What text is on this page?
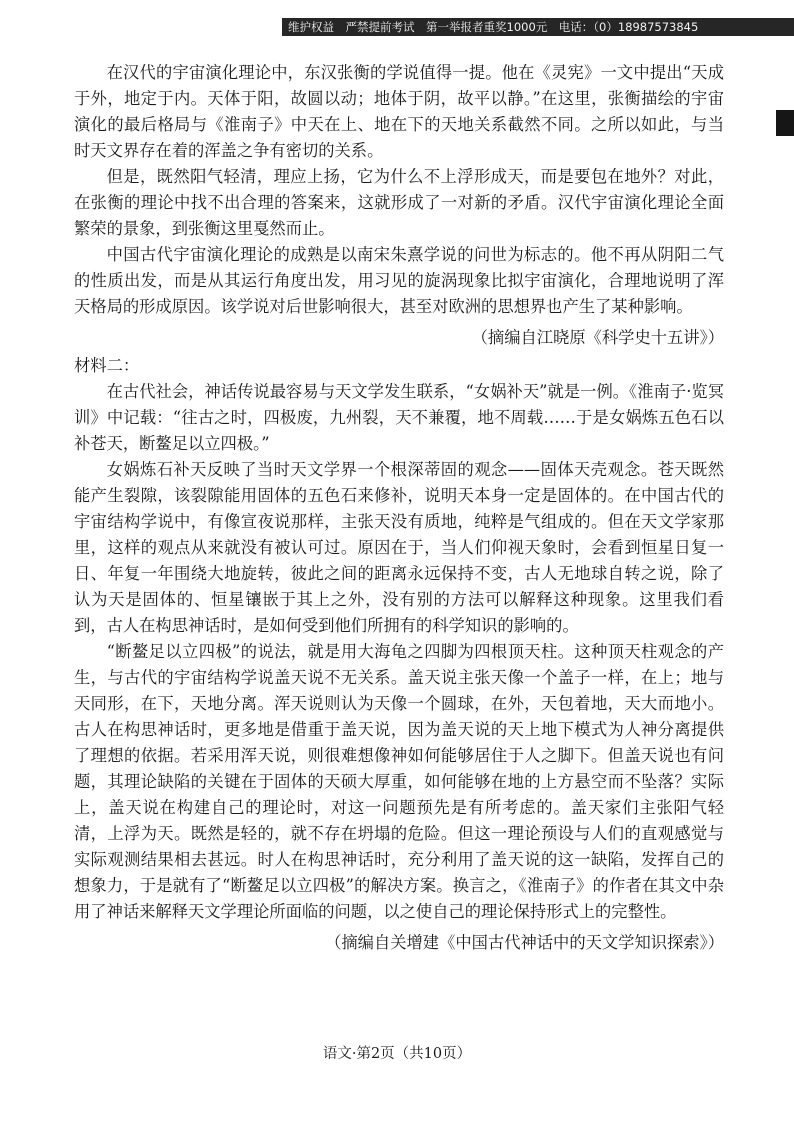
维护权益　严禁提前考试　第一举报者重奖1000元　电话：（0）18987573845

在汉代的宇宙演化理论中，东汉张衡的学说值得一提。他在《灵宪》一文中提出“天成于外，地定于内。天体于阳，故圆以动；地体于阴，故平以静。”在这里，张衡描绘的宇宙演化的最后格局与《淮南子》中天在上、地在下的天地关系截然不同。之所以如此，与当时天文界存在着的浑盖之争有密切的关系。

但是，既然阳气轻清，理应上扬，它为什么不上浮形成天，而是要包在地外？对此，在张衡的理论中找不出合理的答案来，这就形成了一对新的矛盾。汉代宇宙演化理论全面繁荣的景象，到张衡这里戛然而止。

中国古代宇宙演化理论的成熟是以南宋朱熹学说的问世为标志的。他不再从阴阳二气的性质出发，而是从其运行角度出发，用习见的旋涡现象比拟宇宙演化，合理地说明了浑天格局的形成原因。该学说对后世影响很大，甚至对欧洲的思想界也产生了某种影响。

（摘编自江晓原《科学史十五讲》）
材料二：

在古代社会，神话传说最容易与天文学发生联系，“女娲补天”就是一例。《淮南子·览冥训》中记载：“往古之时，四极废，九州裂，天不兼覆，地不周载……于是女娲炼五色石以补苍天，断鳌足以立四极。”

女娲炼石补天反映了当时天文学界一个根深蒂固的观念——固体天壳观念。苍天既然能产生裂隙，该裂隙能用固体的五色石来修补，说明天本身一定是固体的。在中国古代的宇宙结构学说中，有像宣夜说那样，主张天没有质地，纯粹是气组成的。但在天文学家那里，这样的观点从来就没有被认可过。原因在于，当人们仰视天象时，会看到恒星日复一日、年复一年围绕大地旋转，彼此之间的距离永远保持不变，古人无地球自转之说，除了认为天是固体的、恒星镶嵌于其上之外，没有别的方法可以解释这种现象。这里我们看到，古人在构思神话时，是如何受到他们所拥有的科学知识的影响的。

“断鳌足以立四极”的说法，就是用大海龟之四脚为四根顶天柱。这种顶天柱观念的产生，与古代的宇宙结构学说盖天说不无关系。盖天说主张天像一个盖子一样，在上；地与天同形，在下，天地分离。浑天说则认为天像一个圆球，在外，天包着地，天大而地小。古人在构思神话时，更多地是借重于盖天说，因为盖天说的天上地下模式为人神分离提供了理想的依据。若采用浑天说，则很难想像神如何能够居住于人之脚下。但盖天说也有问题，其理论缺陷的关键在于固体的天硕大厚重，如何能够在地的上方悬空而不坠落？实际上，盖天说在构建自己的理论时，对这一问题预先是有所考虑的。盖天家们主张阳气轻清，上浮为天。既然是轻的，就不存在坍塌的危险。但这一理论预设与人们的直观感觉与实际观测结果相去甚远。时人在构思神话时，充分利用了盖天说的这一缺陷，发挥自己的想象力，于是就有了“断鳌足以立四极”的解决方案。换言之，《淮南子》的作者在其文中杂用了神话来解释天文学理论所面临的问题，以之使自己的理论保持形式上的完整性。

（摘编自关增建《中国古代神话中的天文学知识探索》）
语文·第2页（共10页）
